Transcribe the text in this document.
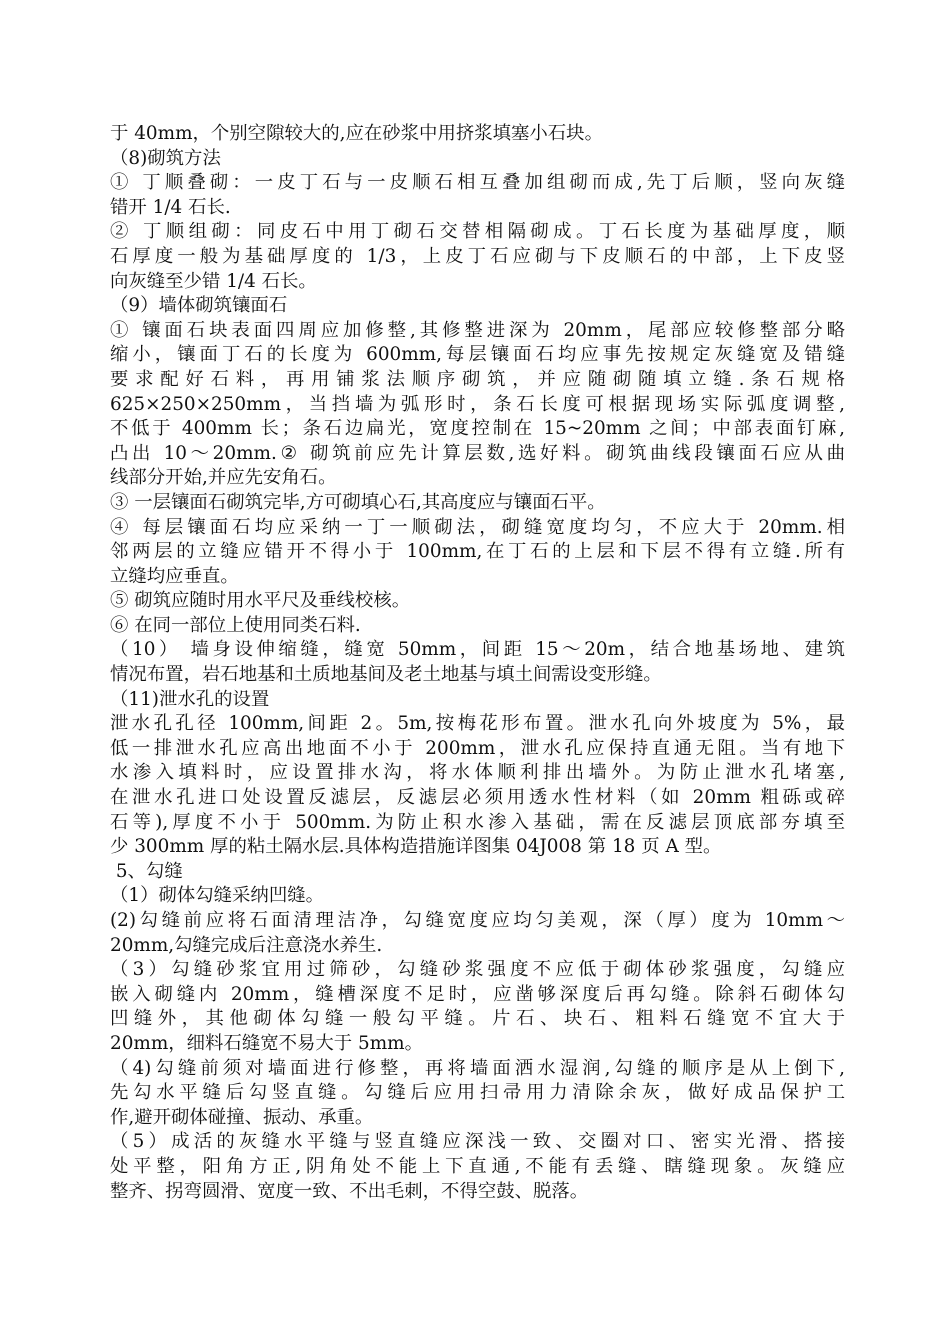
于 40mm，个别空隙较大的,应在砂浆中用挤浆填塞小石块。
（8)砌筑方法
① 丁顺叠砌：一皮丁石与一皮顺石相互叠加组砌而成,先丁后顺，竖向灰缝
错开 1/4 石长.
② 丁顺组砌：同皮石中用丁砌石交替相隔砌成。丁石长度为基础厚度，顺
石厚度一般为基础厚度的 1/3，上皮丁石应砌与下皮顺石的中部，上下皮竖
向灰缝至少错 1/4 石长。
（9）墙体砌筑镶面石
① 镶面石块表面四周应加修整,其修整进深为 20mm，尾部应较修整部分略
缩小，镶面丁石的长度为 600mm,每层镶面石均应事先按规定灰缝宽及错缝
要求配好石料，再用铺浆法顺序砌筑，并应随砌随填立缝.条石规格
625×250×250mm，当挡墙为弧形时，条石长度可根据现场实际弧度调整,
不低于 400mm 长；条石边扁光，宽度控制在 15~20mm 之间；中部表面钉麻,
凸出 10～20mm.② 砌筑前应先计算层数,选好料。砌筑曲线段镶面石应从曲
线部分开始,并应先安角石。
③ 一层镶面石砌筑完毕,方可砌填心石,其高度应与镶面石平。
④ 每层镶面石均应采纳一丁一顺砌法，砌缝宽度均匀，不应大于 20mm.相
邻两层的立缝应错开不得小于 100mm,在丁石的上层和下层不得有立缝.所有
立缝均应垂直。
⑤ 砌筑应随时用水平尺及垂线校核。
⑥ 在同一部位上使用同类石料.
（10） 墙身设伸缩缝，缝宽 50mm，间距 15～20m，结合地基场地、建筑
情况布置，岩石地基和土质地基间及老土地基与填土间需设变形缝。
（11)泄水孔的设置
泄水孔孔径 100mm,间距 2。5m,按梅花形布置。泄水孔向外坡度为 5%，最
低一排泄水孔应高出地面不小于 200mm，泄水孔应保持直通无阻。当有地下
水渗入填料时，应设置排水沟，将水体顺利排出墙外。为防止泄水孔堵塞,
在泄水孔进口处设置反滤层，反滤层必须用透水性材料（如 20mm 粗砾或碎
石等),厚度不小于 500mm.为防止积水渗入基础，需在反滤层顶底部夯填至
少 300mm 厚的粘土隔水层.具体构造措施详图集 04J008 第 18 页 A 型。
5、勾缝
（1）砌体勾缝采纳凹缝。
(2)勾缝前应将石面清理洁净，勾缝宽度应均匀美观，深（厚）度为 10mm～
20mm,勾缝完成后注意浇水养生.
（3）勾缝砂浆宜用过筛砂，勾缝砂浆强度不应低于砌体砂浆强度，勾缝应
嵌入砌缝内 20mm，缝槽深度不足时，应凿够深度后再勾缝。除斜石砌体勾
凹缝外，其他砌体勾缝一般勾平缝。片石、块石、粗料石缝宽不宜大于
20mm，细料石缝宽不易大于 5mm。
（4)勾缝前须对墙面进行修整，再将墙面洒水湿润,勾缝的顺序是从上倒下,
先勾水平缝后勾竖直缝。勾缝后应用扫帚用力清除余灰，做好成品保护工
作,避开砌体碰撞、振动、承重。
（5）成活的灰缝水平缝与竖直缝应深浅一致、交圈对口、密实光滑、搭接
处平整，阳角方正,阴角处不能上下直通,不能有丢缝、瞎缝现象。灰缝应
整齐、拐弯圆滑、宽度一致、不出毛刺，不得空鼓、脱落。
